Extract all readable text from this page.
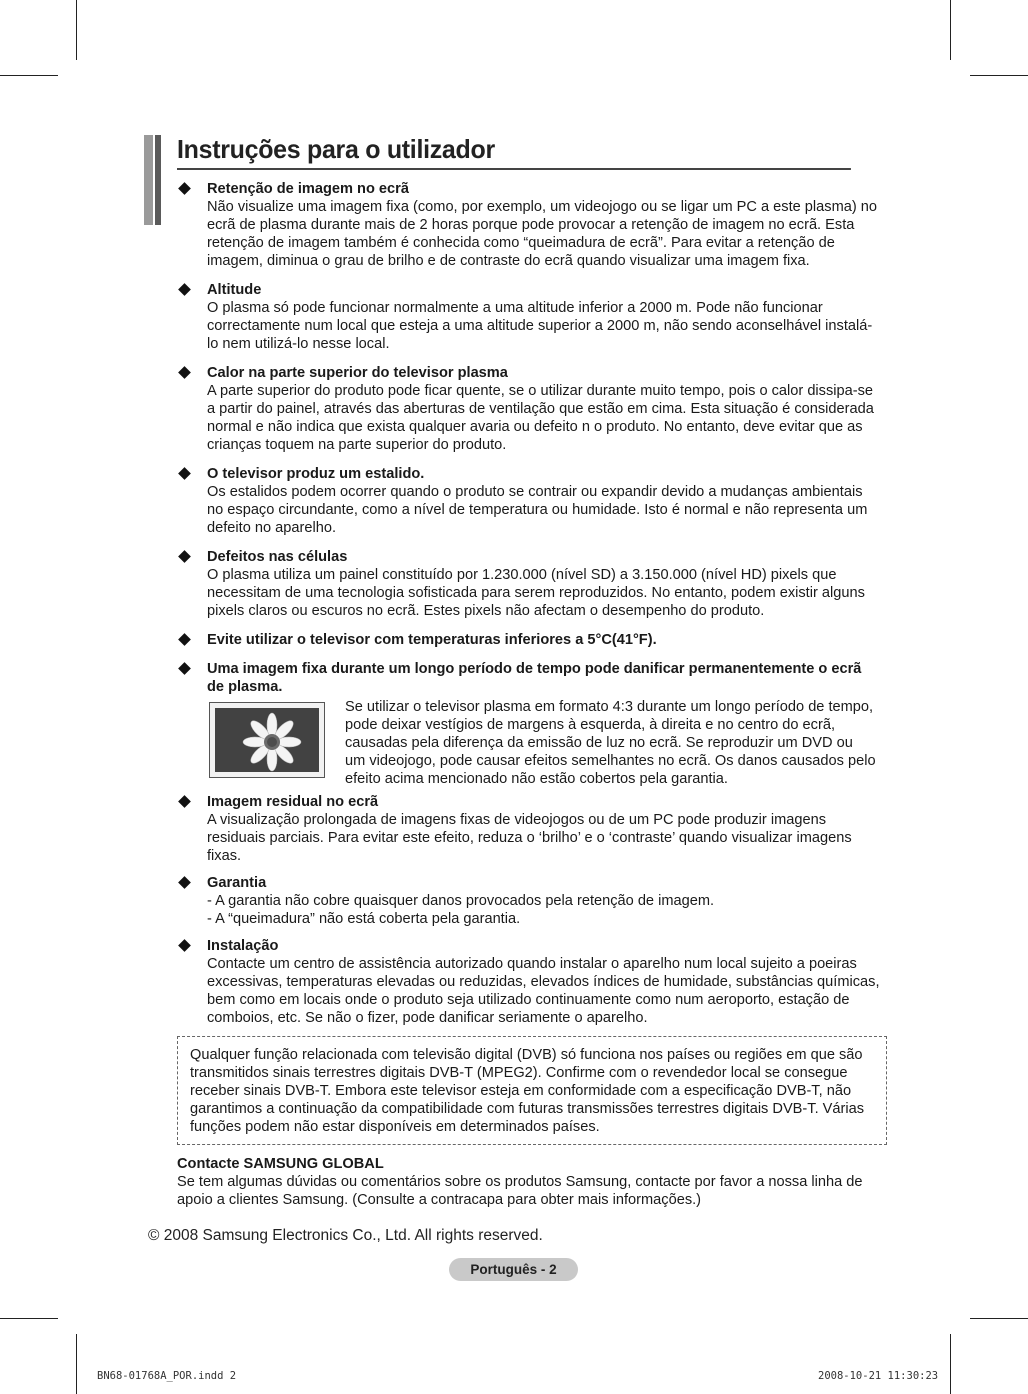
Instruções para o utilizador
Retenção de imagem no ecrã
Não visualize uma imagem fixa (como, por exemplo, um videojogo ou se ligar um PC a este plasma) no ecrã de plasma durante mais de 2 horas porque pode provocar a retenção de imagem no ecrã. Esta retenção de imagem também é conhecida como “queimadura de ecrã”. Para evitar a retenção de imagem, diminua o grau de brilho e de contraste do ecrã quando visualizar uma imagem fixa.
Altitude
O plasma só pode funcionar normalmente a uma altitude inferior a 2000 m. Pode não funcionar correctamente num local que esteja a uma altitude superior a 2000 m, não sendo aconselhável instalá-lo nem utilizá-lo nesse local.
Calor na parte superior do televisor plasma
A parte superior do produto pode ficar quente, se o utilizar durante muito tempo, pois o calor dissipa-se a partir do painel, através das aberturas de ventilação que estão em cima. Esta situação é considerada normal e não indica que exista qualquer avaria ou defeito n o produto. No entanto, deve evitar que as crianças toquem na parte superior do produto.
O televisor produz um estalido.
Os estalidos podem ocorrer quando o produto se contrair ou expandir devido a mudanças ambientais no espaço circundante, como a nível de temperatura ou humidade. Isto é normal e não representa um defeito no aparelho.
Defeitos nas células
O plasma utiliza um painel constituído por 1.230.000 (nível SD) a 3.150.000 (nível HD) pixels que necessitam de uma tecnologia sofisticada para serem reproduzidos. No entanto, podem existir alguns pixels claros ou escuros no ecrã. Estes pixels não afectam o desempenho do produto.
Evite utilizar o televisor com temperaturas inferiores a 5°C(41°F).
Uma imagem fixa durante um longo período de tempo pode danificar permanentemente o ecrã de plasma.
Se utilizar o televisor plasma em formato 4:3 durante um longo período de tempo, pode deixar vestígios de margens à esquerda, à direita e no centro do ecrã, causadas pela diferença da emissão de luz no ecrã. Se reproduzir um DVD ou um videojogo, pode causar efeitos semelhantes no ecrã. Os danos causados pelo efeito acima mencionado não estão cobertos pela garantia.
Imagem residual no ecrã
A visualização prolongada de imagens fixas de videojogos ou de um PC pode produzir imagens residuais parciais. Para evitar este efeito, reduza o ‘brilho’ e o ‘contraste’ quando visualizar imagens fixas.
Garantia
- A garantia não cobre quaisquer danos provocados pela retenção de imagem.
- A “queimadura” não está coberta pela garantia.
Instalação
Contacte um centro de assistência autorizado quando instalar o aparelho num local sujeito a poeiras excessivas, temperaturas elevadas ou reduzidas, elevados índices de humidade, substâncias químicas, bem como em locais onde o produto seja utilizado continuamente como num aeroporto, estação de comboios, etc. Se não o fizer, pode danificar seriamente o aparelho.
Qualquer função relacionada com televisão digital (DVB) só funciona nos países ou regiões em que são transmitidos sinais terrestres digitais DVB-T (MPEG2). Confirme com o revendedor local se consegue receber sinais DVB-T. Embora este televisor esteja em conformidade com a especificação DVB-T, não garantimos a continuação da compatibilidade com futuras transmissões terrestres digitais DVB-T. Várias funções podem não estar disponíveis em determinados países.
Contacte SAMSUNG GLOBAL
Se tem algumas dúvidas ou comentários sobre os produtos Samsung, contacte por favor a nossa linha de apoio a clientes Samsung. (Consulte a contracapa para obter mais informações.)
© 2008 Samsung Electronics Co., Ltd. All rights reserved.
Português - 2
BN68-01768A_POR.indd 2	2008-10-21 11:30:23
